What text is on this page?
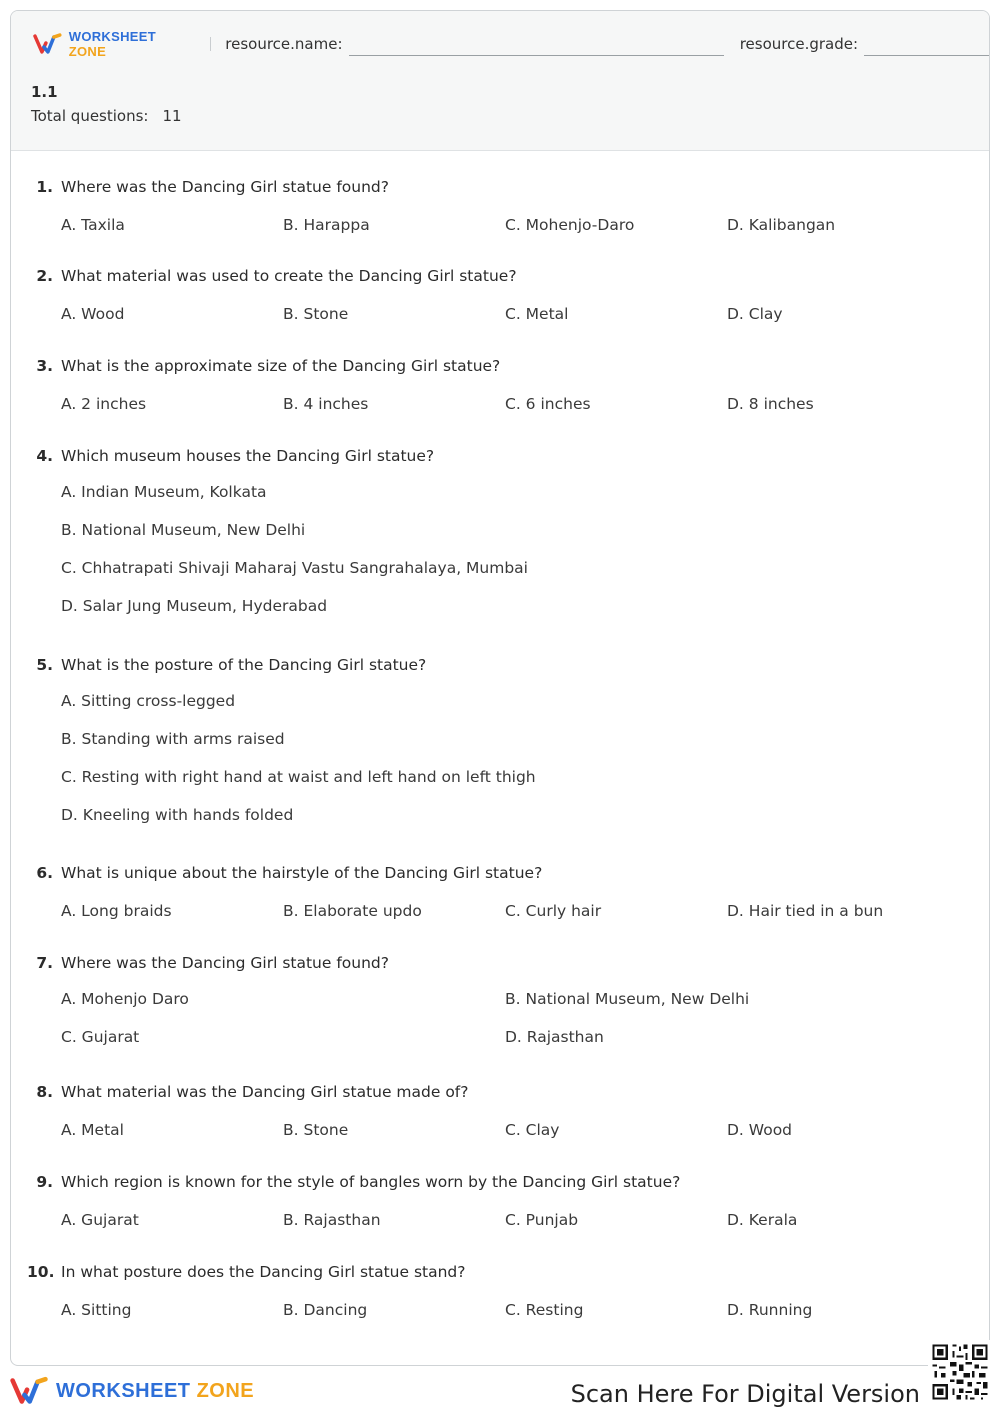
WORKSHEET ZONE	resource.name:	resource.grade:
1.1
Total questions: 11
1. Where was the Dancing Girl statue found?
A. Taxila	B. Harappa	C. Mohenjo-Daro	D. Kalibangan
2. What material was used to create the Dancing Girl statue?
A. Wood	B. Stone	C. Metal	D. Clay
3. What is the approximate size of the Dancing Girl statue?
A. 2 inches	B. 4 inches	C. 6 inches	D. 8 inches
4. Which museum houses the Dancing Girl statue?
A. Indian Museum, Kolkata
B. National Museum, New Delhi
C. Chhatrapati Shivaji Maharaj Vastu Sangrahalaya, Mumbai
D. Salar Jung Museum, Hyderabad
5. What is the posture of the Dancing Girl statue?
A. Sitting cross-legged
B. Standing with arms raised
C. Resting with right hand at waist and left hand on left thigh
D. Kneeling with hands folded
6. What is unique about the hairstyle of the Dancing Girl statue?
A. Long braids	B. Elaborate updo	C. Curly hair	D. Hair tied in a bun
7. Where was the Dancing Girl statue found?
A. Mohenjo Daro	B. National Museum, New Delhi
C. Gujarat	D. Rajasthan
8. What material was the Dancing Girl statue made of?
A. Metal	B. Stone	C. Clay	D. Wood
9. Which region is known for the style of bangles worn by the Dancing Girl statue?
A. Gujarat	B. Rajasthan	C. Punjab	D. Kerala
10. In what posture does the Dancing Girl statue stand?
A. Sitting	B. Dancing	C. Resting	D. Running
WORKSHEET ZONE	Scan Here For Digital Version
